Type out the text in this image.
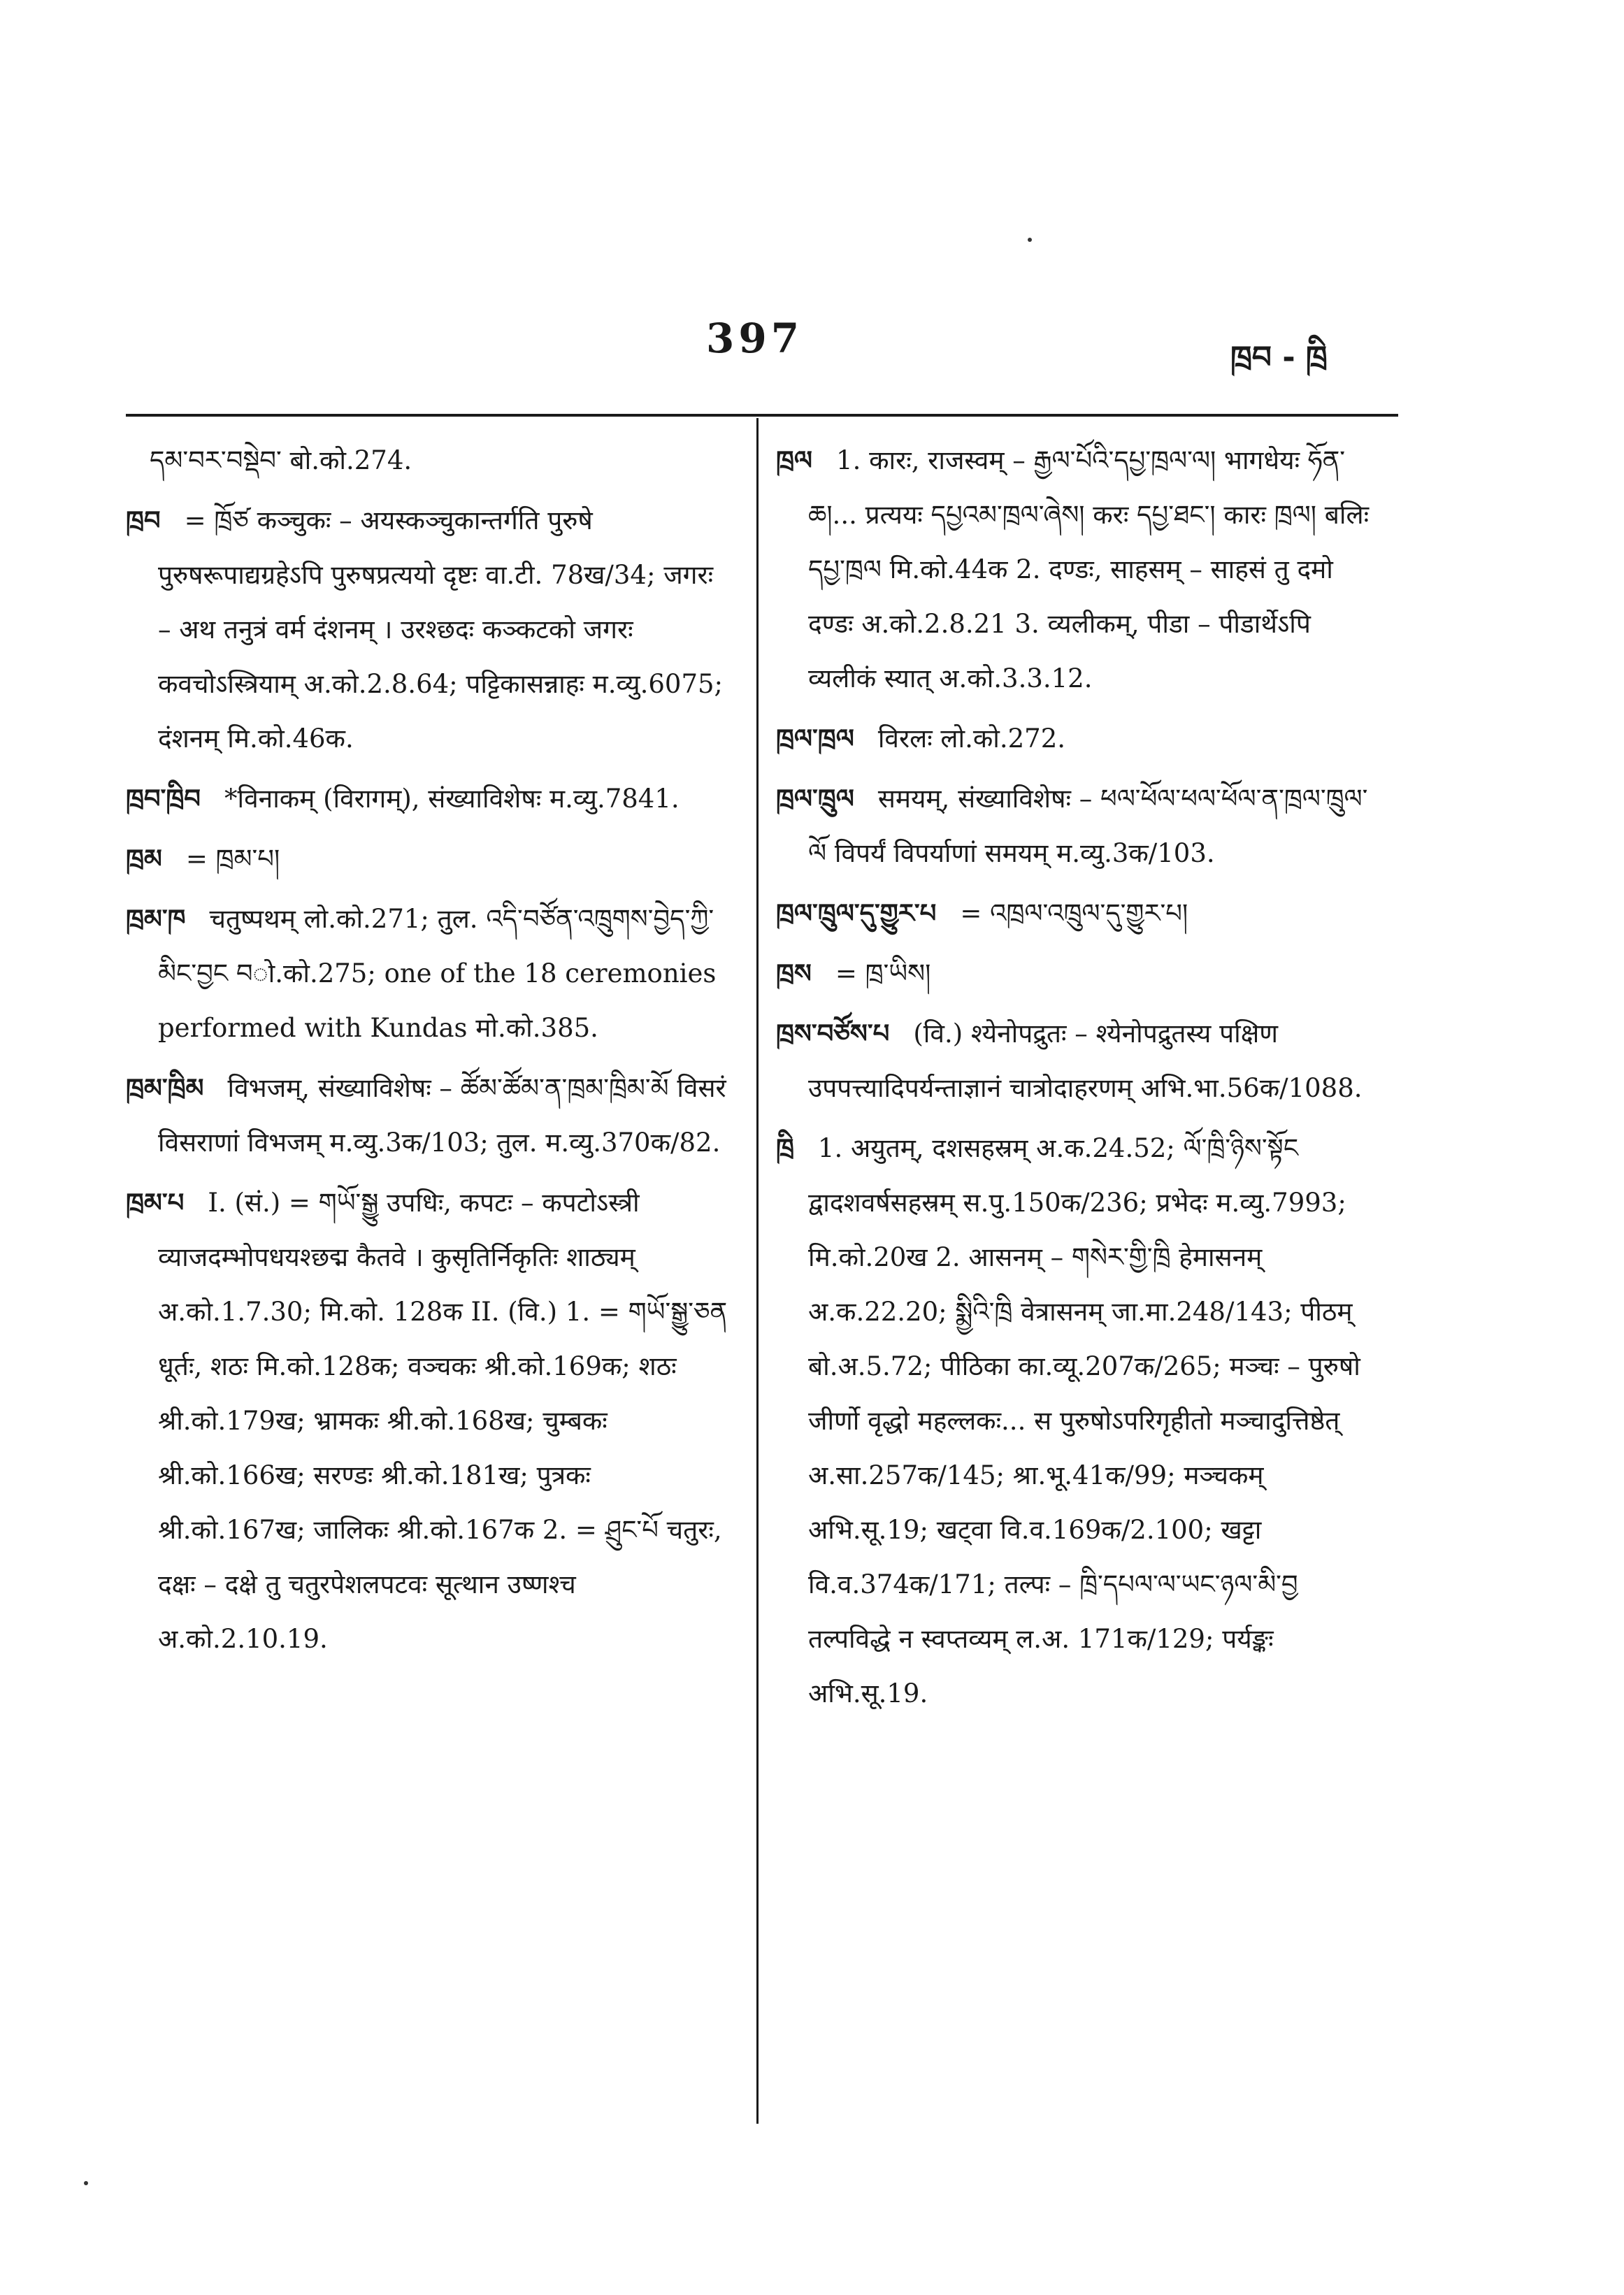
397	ཁྲབ - ཁྲི

དམ་བར་བསྡེབ་ बो.को.274.

ཁྲབ = ཁྲོཙ कञ्चुकः – अयस्कञ्चुकान्तर्गति पुरुषे पुरुषरूपाद्यग्रहेऽपि पुरुषप्रत्ययो दृष्टः वा.टी. 78ख/34; जगरः – अथ तनुत्रं वर्म दंशनम् । उरश्छदः कञ्कटको जगरः कवचोऽस्त्रियाम् अ.को.2.8.64; पट्टिकासन्नाहः म.व्यु.6075; दंशनम् मि.को.46क.

ཁྲབ་ཁྲིབ *विनाकम् (विरागम्), संख्याविशेषः म.व्यु.7841.

ཁྲམ = ཁྲམ་པ།

ཁྲམ་ཁ चतुष्पथम् लो.को.271; तुल. འདི་བཙོན་འཁྲུགས་བྱེད་ཀྱི་མིང་བྱང བो.को.275; one of the 18 ceremonies performed with Kundas मो.को.385.

ཁྲམ་ཁྲིམ विभजम्, संख्याविशेषः – ཚོམ་ཚོམ་ན་ཁྲམ་ཁྲིམ་མོ विसरं विसराणां विभजम् म.व्यु.3क/103; तुल. म.व्यु.370क/82.

ཁྲམ་པ I. (सं.) = གཡོ་སྒྱུ उपधिः, कपटः – कपटोऽस्त्री व्याजदम्भोपधयश्छद्म कैतवे । कुसृतिर्निकृतिः शाठ्यम् अ.को.1.7.30; मि.को. 128क II. (वि.) 1. = གཡོ་སྒྱུ་ཅན धूर्तः, शठः मि.को.128क; वञ्चकः श्री.को.169क; शठः श्री.को.179ख; भ्रामकः श्री.को.168ख; चुम्बकः श्री.को.166ख; सरण्डः श्री.को.181ख; पुत्रकः श्री.को.167ख; जालिकः श्री.को.167क 2. = ཤྲུང་པོ चतुरः, दक्षः – दक्षे तु चतुरपेशलपटवः सूत्थान उष्णश्च अ.को.2.10.19.

ཁྲལ 1. कारः, राजस्वम् – རྒྱལ་པོའི་དཔྱ་ཁྲལ་ལ། भागधेयः ཧོན་ཆ།... प्रत्ययः དཔྱའམ་ཁྲལ་ཞེས། करः དཔྱ་ཐང་། कारः ཁྲལ། बलिः དཔྱ་ཁྲལ मि.को.44क 2. दण्डः, साहसम् – साहसं तु दमो दण्डः अ.को.2.8.21 3. व्यलीकम्, पीडा – पीडार्थेऽपि व्यलीकं स्यात् अ.को.3.3.12.

ཁྲལ་ཁྲལ विरलः लो.को.272.

ཁྲལ་ཁྲུལ समयम्, संख्याविशेषः – ཕལ་ཕོལ་ཕལ་ཕོལ་ན་ཁྲལ་ཁྲུལ་ལོ विपर्यं विपर्याणां समयम् म.व्यु.3क/103.

ཁྲལ་ཁྲུལ་དུ་གྱུར་པ = འཁྲལ་འཁྲུལ་དུ་གྱུར་པ།

ཁྲས = ཁྲ་ཡིས།

ཁྲས་བཙོས་པ (वि.) श्येनोपद्रुतः – श्येनोपद्रुतस्य पक्षिण उपपत्त्यादिपर्यन्ताज्ञानं चात्रोदाहरणम् अभि.भा.56क/1088.

ཁྲི 1. अयुतम्, दशसहस्रम् अ.क.24.52; ལོ་ཁྲི་ཉིས་སྟོང द्वादशवर्षसहस्रम् स.पु.150क/236; प्रभेदः म.व्यु.7993; मि.को.20ख 2. आसनम् – གསེར་གྱི་ཁྲི हेमासनम् अ.क.22.20; སྨྱིའི་ཁྲི वेत्रासनम् जा.मा.248/143; पीठम् बो.अ.5.72; पीठिका का.व्यू.207क/265; मञ्चः – पुरुषो जीर्णो वृद्धो महल्लकः... स पुरुषोऽपरिगृहीतो मञ्चादुत्तिष्ठेत् अ.सा.257क/145; श्रा.भू.41क/99; मञ्चकम् अभि.सू.19; खट्वा वि.व.169क/2.100; खट्टा वि.व.374क/171; तल्पः – ཁྲི་དཔལ་ལ་ཡང་ཉལ་མི་བྱ तल्पविद्धे न स्वप्तव्यम् ल.अ. 171क/129; पर्यङ्कः अभि.सू.19.
